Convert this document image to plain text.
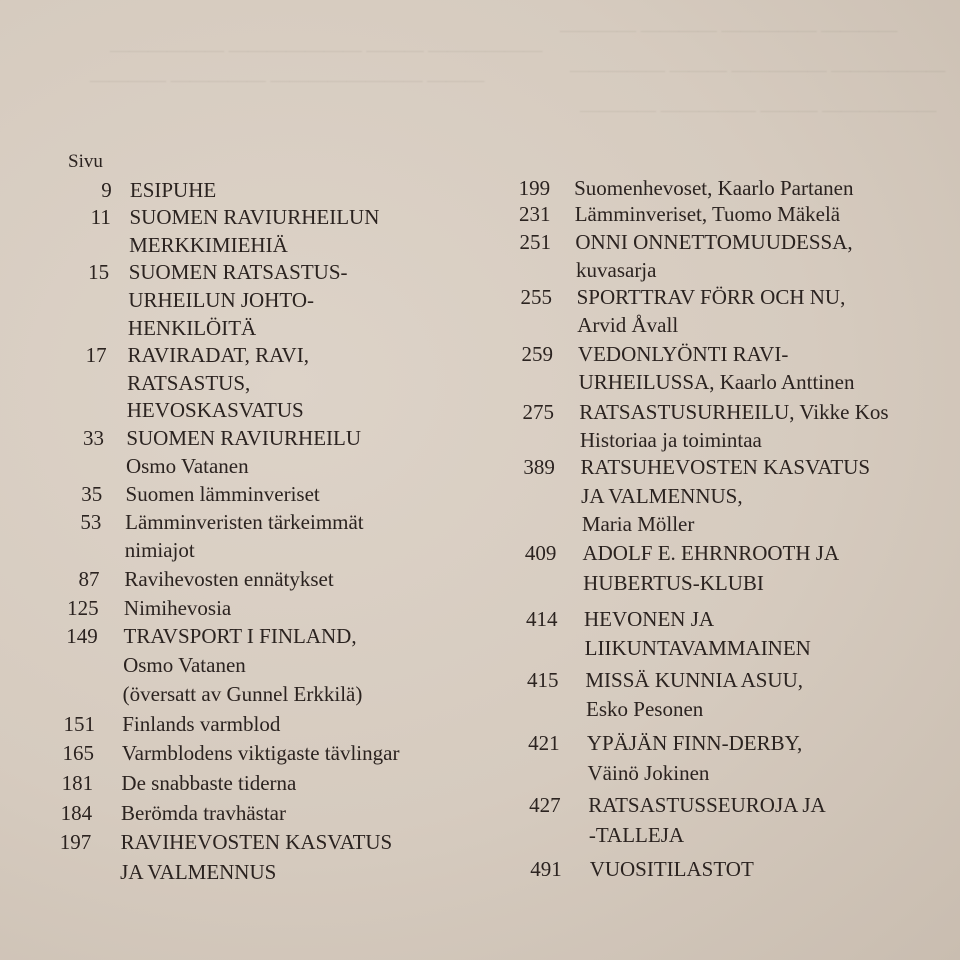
—————— ——————— ——— ——————
———— ————— ———————— ———
———— ———— ————— ————
————— ——— ————— ——————
———— ————— ——— ——————
Sivu
9 ESIPUHE
11 SUOMEN RAVIURHEILUN
MERKKIMIEHIÄ
15 SUOMEN RATSASTUS-
URHEILUN JOHTO-
HENKILÖITÄ
17 RAVIRADAT, RAVI,
RATSASTUS,
HEVOSKASVATUS
33 SUOMEN RAVIURHEILU
Osmo Vatanen
35 Suomen lämminveriset
53 Lämminveristen tärkeimmät
nimiajot
87 Ravihevosten ennätykset
125 Nimihevosia
149 TRAVSPORT I FINLAND,
Osmo Vatanen
(översatt av Gunnel Erkkilä)
151 Finlands varmblod
165 Varmblodens viktigaste tävlingar
181 De snabbaste tiderna
184 Berömda travhästar
197 RAVIHEVOSTEN KASVATUS
JA VALMENNUS
199 Suomenhevoset, Kaarlo Partanen
231 Lämminveriset, Tuomo Mäkelä
251 ONNI ONNETTOMUUDESSA,
kuvasarja
255 SPORTTRAV FÖRR OCH NU,
Arvid Åvall
259 VEDONLYÖNTI RAVI-
URHEILUSSA, Kaarlo Anttinen
275 RATSASTUSURHEILU, Vikke Kos
Historiaa ja toimintaa
389 RATSUHEVOSTEN KASVATUS
JA VALMENNUS,
Maria Möller
409 ADOLF E. EHRNROOTH JA
HUBERTUS-KLUBI
414 HEVONEN JA
LIIKUNTAVAMMAINEN
415 MISSÄ KUNNIA ASUU,
Esko Pesonen
421 YPÄJÄN FINN-DERBY,
Väinö Jokinen
427 RATSASTUSSEUROJA JA
-TALLEJA
491 VUOSITILASTOT
